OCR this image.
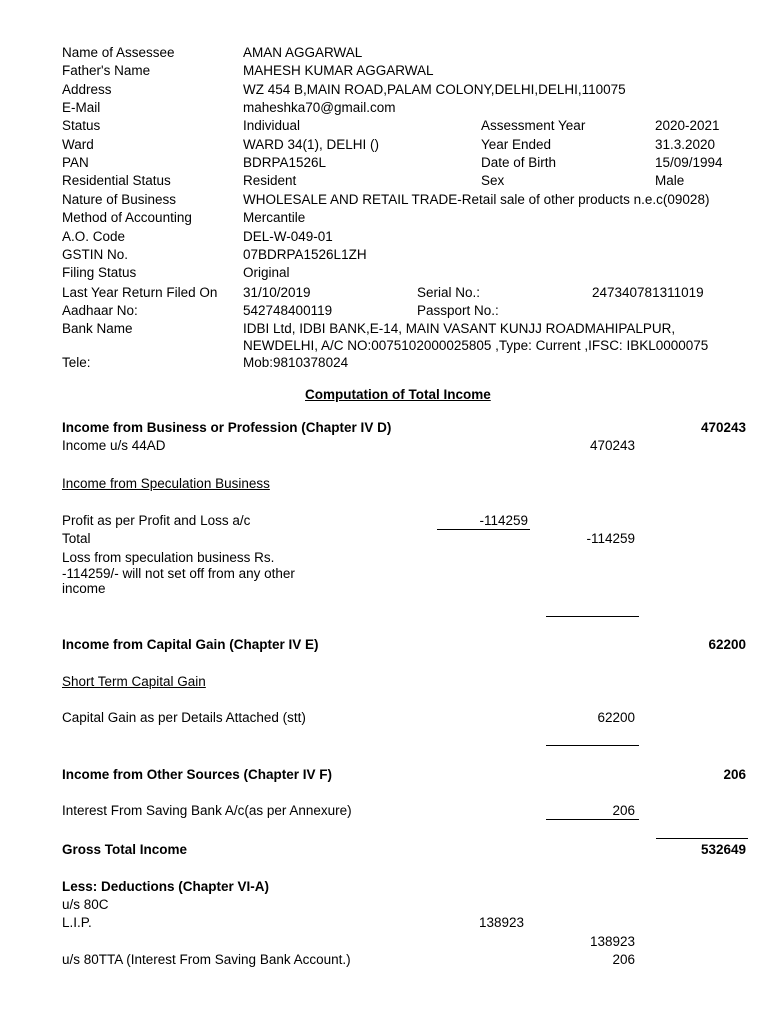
Name of Assessee	AMAN AGGARWAL
Father's Name	MAHESH KUMAR AGGARWAL
Address	WZ 454 B,MAIN ROAD,PALAM COLONY,DELHI,DELHI,110075
E-Mail	maheshka70@gmail.com
Status	Individual	Assessment Year	2020-2021
Ward	WARD 34(1), DELHI ()	Year Ended	31.3.2020
PAN	BDRPA1526L	Date of Birth	15/09/1994
Residential Status	Resident	Sex	Male
Nature of Business	WHOLESALE AND RETAIL TRADE-Retail sale of other products n.e.c(09028)
Method of Accounting	Mercantile
A.O. Code	DEL-W-049-01
GSTIN No.	07BDRPA1526L1ZH
Filing Status	Original
Last Year Return Filed On 31/10/2019	Serial No.:	247340781311019
Aadhaar No:	542748400119	Passport No.:
Bank Name	IDBI Ltd, IDBI BANK,E-14, MAIN VASANT KUNJJ ROADMAHIPALPUR,
NEWDELHI, A/C NO:0075102000025805 ,Type: Current ,IFSC: IBKL0000075
Tele:	Mob:9810378024
Computation of Total Income
Income from Business or Profession (Chapter IV D)	470243
Income u/s 44AD	470243
Income from Speculation Business
Profit as per Profit and Loss a/c	-114259
Total	-114259
Loss from speculation business Rs.
-114259/- will not set off from any other
income
Income from Capital Gain (Chapter IV E)	62200
Short Term Capital Gain
Capital Gain as per Details Attached (stt)	62200
Income from Other Sources (Chapter IV F)	206
Interest From Saving Bank A/c(as per Annexure)	206
Gross Total Income	532649
Less: Deductions (Chapter VI-A)
u/s 80C
L.I.P.	138923
138923
u/s 80TTA (Interest From Saving Bank Account.)	206
